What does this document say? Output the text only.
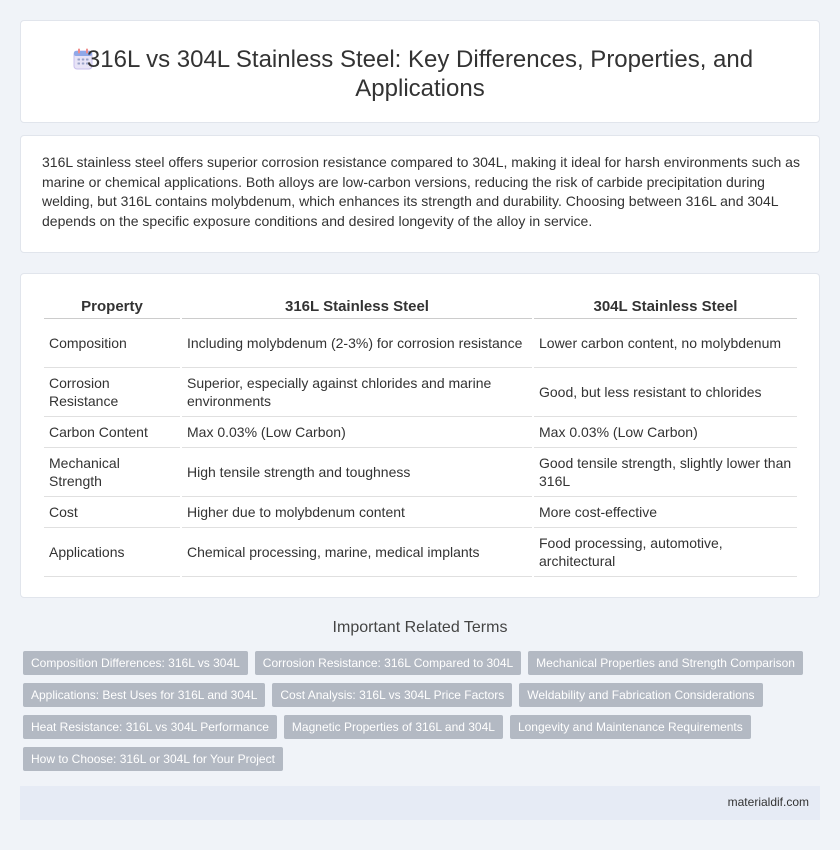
316L vs 304L Stainless Steel: Key Differences, Properties, and
Applications
316L stainless steel offers superior corrosion resistance compared to 304L, making it ideal for harsh environments such as marine or chemical applications. Both alloys are low-carbon versions, reducing the risk of carbide precipitation during welding, but 316L contains molybdenum, which enhances its strength and durability. Choosing between 316L and 304L depends on the specific exposure conditions and desired longevity of the alloy in service.
Property	316L Stainless Steel	304L Stainless Steel
Composition	Including molybdenum (2-3%) for corrosion resistance	Lower carbon content, no molybdenum
Corrosion Resistance	Superior, especially against chlorides and marine environments	Good, but less resistant to chlorides
Carbon Content	Max 0.03% (Low Carbon)	Max 0.03% (Low Carbon)
Mechanical Strength	High tensile strength and toughness	Good tensile strength, slightly lower than 316L
Cost	Higher due to molybdenum content	More cost-effective
Applications	Chemical processing, marine, medical implants	Food processing, automotive, architectural
Important Related Terms
Composition Differences: 316L vs 304L	Corrosion Resistance: 316L Compared to 304L	Mechanical Properties and Strength Comparison
Applications: Best Uses for 316L and 304L	Cost Analysis: 316L vs 304L Price Factors	Weldability and Fabrication Considerations
Heat Resistance: 316L vs 304L Performance	Magnetic Properties of 316L and 304L	Longevity and Maintenance Requirements
How to Choose: 316L or 304L for Your Project
materialdif.com
